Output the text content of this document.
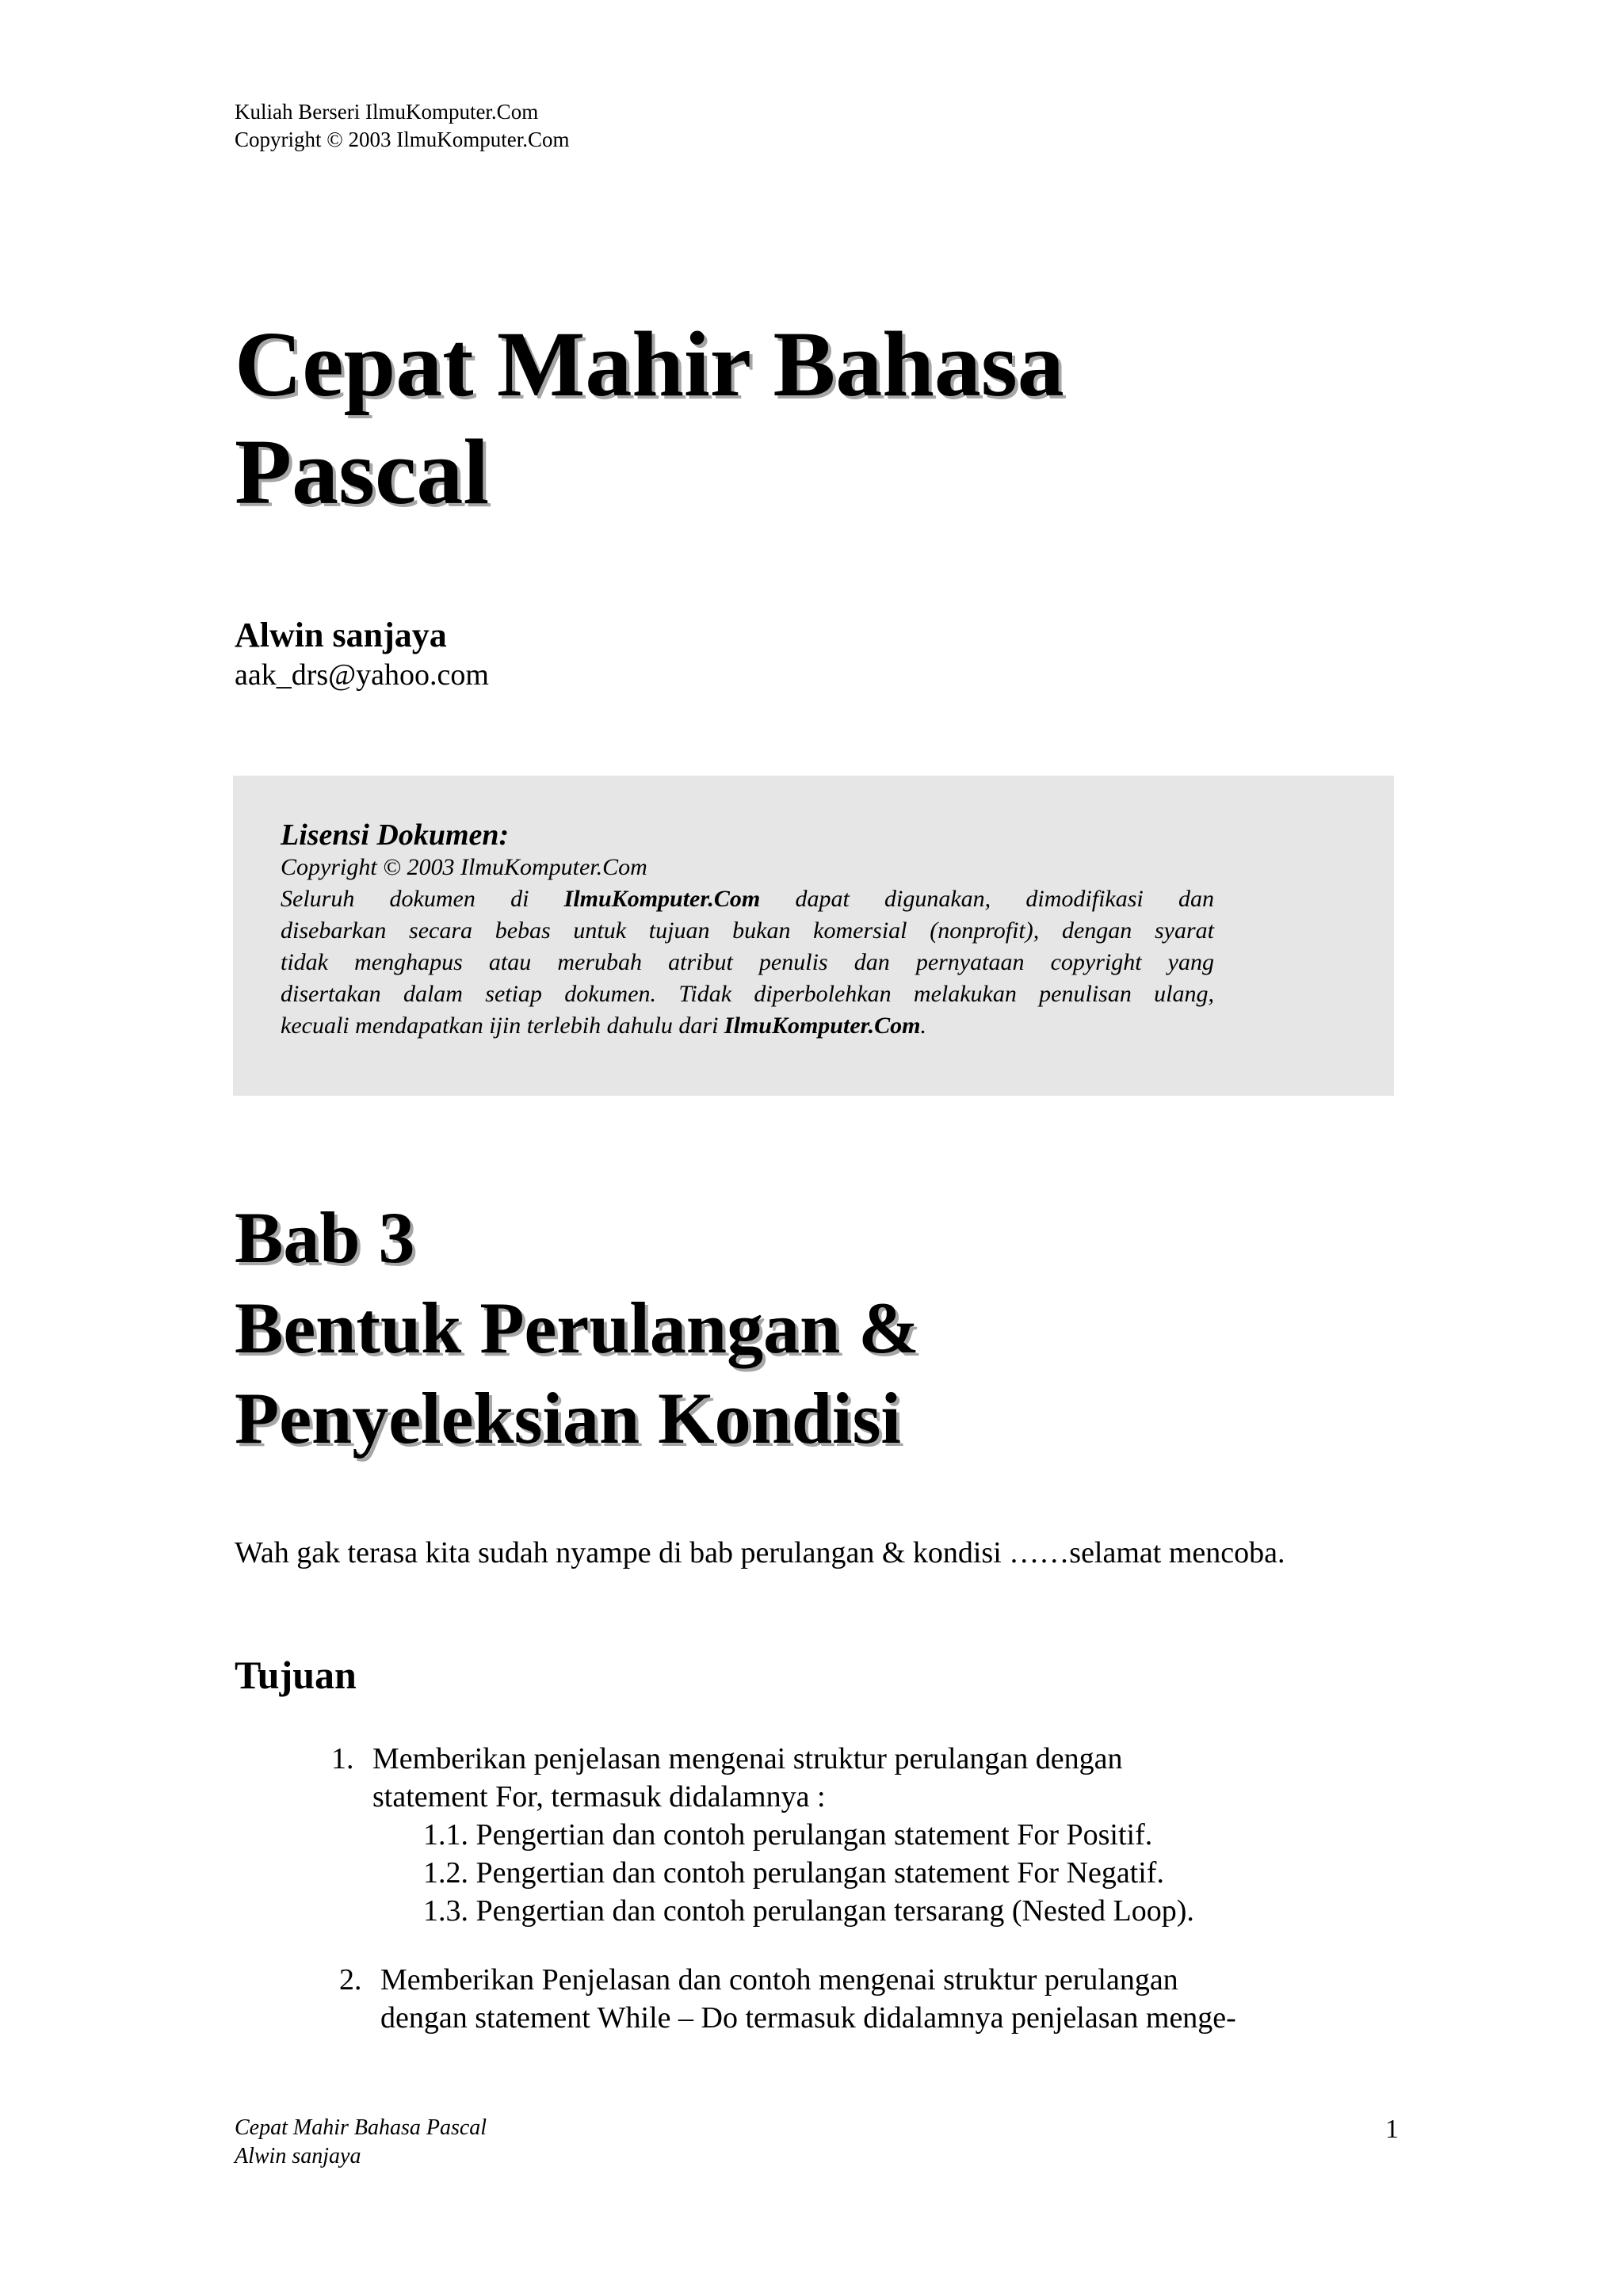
Kuliah Berseri IlmuKomputer.Com
Copyright © 2003 IlmuKomputer.Com
Cepat Mahir Bahasa
Pascal
Alwin sanjaya
aak_drs@yahoo.com
Lisensi Dokumen:
Copyright © 2003 IlmuKomputer.Com
Seluruh dokumen di IlmuKomputer.Com dapat digunakan, dimodifikasi dan
disebarkan secara bebas untuk tujuan bukan komersial (nonprofit), dengan syarat
tidak menghapus atau merubah atribut penulis dan pernyataan copyright yang
disertakan dalam setiap dokumen. Tidak diperbolehkan melakukan penulisan ulang,
kecuali mendapatkan ijin terlebih dahulu dari IlmuKomputer.Com.
Bab 3
Bentuk Perulangan &
Penyeleksian Kondisi
Wah gak terasa kita sudah nyampe di bab perulangan & kondisi ……selamat mencoba.
Tujuan
1. Memberikan penjelasan mengenai struktur perulangan dengan
statement For, termasuk didalamnya :
1.1. Pengertian dan contoh perulangan statement For Positif.
1.2. Pengertian dan contoh perulangan statement For Negatif.
1.3. Pengertian dan contoh perulangan tersarang (Nested Loop).
2. Memberikan Penjelasan dan contoh mengenai struktur perulangan
dengan statement While – Do termasuk didalamnya penjelasan menge-
Cepat Mahir Bahasa Pascal
Alwin sanjaya
1
